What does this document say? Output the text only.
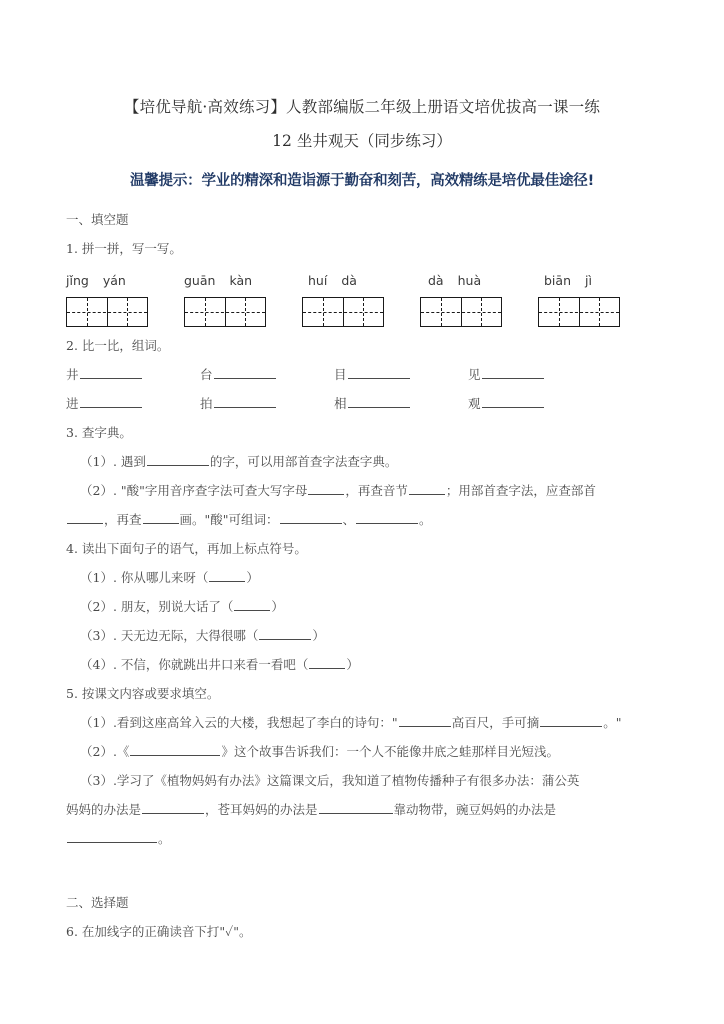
【培优导航·高效练习】人教部编版二年级上册语文培优拔高一课一练
12 坐井观天（同步练习）
温馨提示：学业的精深和造诣源于勤奋和刻苦，高效精练是培优最佳途径!
一、填空题
1. 拼一拼，写一写。
jǐng yán	guān kàn	huí dà	dà huà	biān jì
2. 比一比，组词。
井	台	目	见
进	拍	相	观
3. 查字典。
（1）. 遇到	的字，可以用部首查字法查字典。
（2）. "酸"字用音序查字法可查大写字母	，再查音节	；用部首查字法，应查部首
，再查	画。"酸"可组词：	、	。
4. 读出下面句子的语气，再加上标点符号。
（1）. 你从哪儿来呀（	）
（2）. 朋友，别说大话了（	）
（3）. 天无边无际，大得很哪（	）
（4）. 不信，你就跳出井口来看一看吧（	）
5. 按课文内容或要求填空。
（1）.看到这座高耸入云的大楼，我想起了李白的诗句："	高百尺，手可摘	。"
（2）.《	》这个故事告诉我们：一个人不能像井底之蛙那样目光短浅。
（3）.学习了《植物妈妈有办法》这篇课文后，我知道了植物传播种子有很多办法：蒲公英
妈妈的办法是	，苍耳妈妈的办法是	靠动物带，豌豆妈妈的办法是
。
二、选择题
6. 在加线字的正确读音下打"✓"。
